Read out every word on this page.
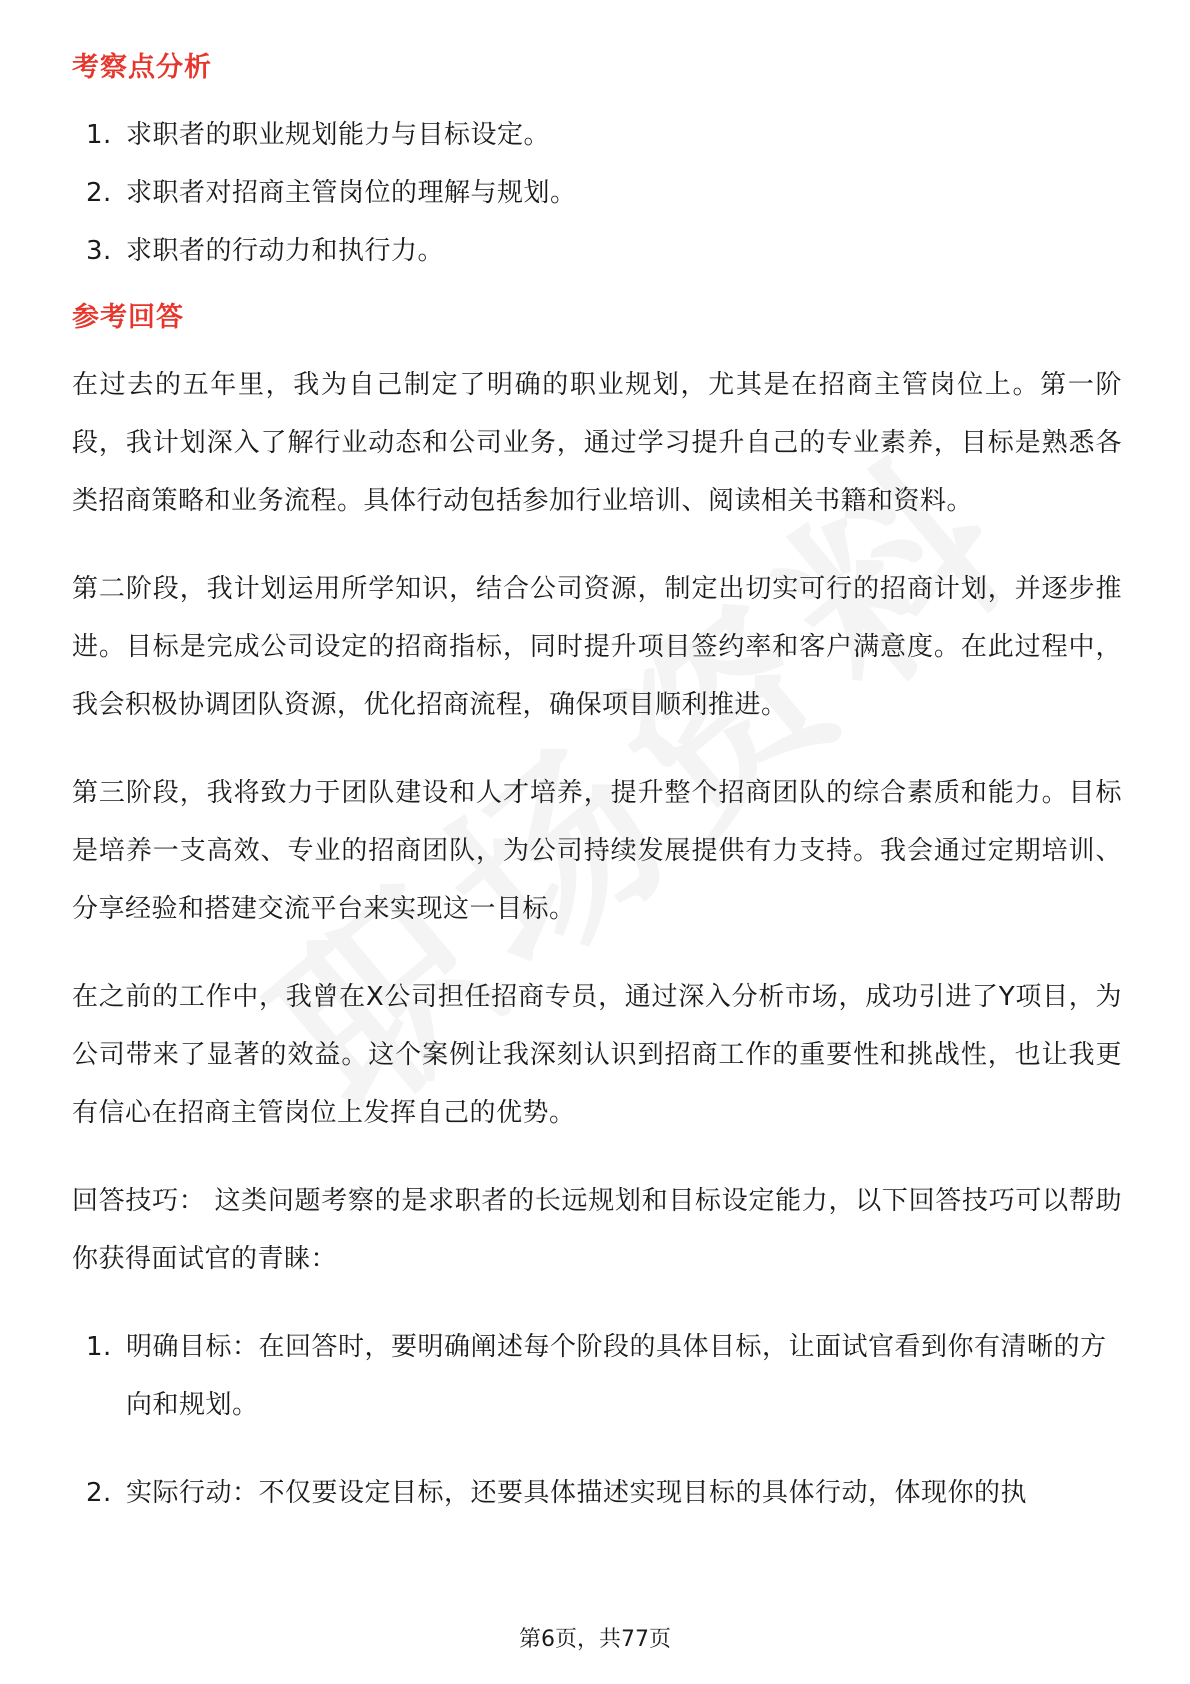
考察点分析
1. 求职者的职业规划能力与目标设定。
2. 求职者对招商主管岗位的理解与规划。
3. 求职者的行动力和执行力。
参考回答

在过去的五年里，我为自己制定了明确的职业规划，尤其是在招商主管岗位上。第一阶段，我计划深入了解行业动态和公司业务，通过学习提升自己的专业素养，目标是熟悉各类招商策略和业务流程。具体行动包括参加行业培训、阅读相关书籍和资料。

第二阶段，我计划运用所学知识，结合公司资源，制定出切实可行的招商计划，并逐步推进。目标是完成公司设定的招商指标，同时提升项目签约率和客户满意度。在此过程中，我会积极协调团队资源，优化招商流程，确保项目顺利推进。

第三阶段，我将致力于团队建设和人才培养，提升整个招商团队的综合素质和能力。目标是培养一支高效、专业的招商团队，为公司持续发展提供有力支持。我会通过定期培训、分享经验和搭建交流平台来实现这一目标。

在之前的工作中，我曾在X公司担任招商专员，通过深入分析市场，成功引进了Y项目，为公司带来了显著的效益。这个案例让我深刻认识到招商工作的重要性和挑战性，也让我更有信心在招商主管岗位上发挥自己的优势。

回答技巧： 这类问题考察的是求职者的长远规划和目标设定能力，以下回答技巧可以帮助你获得面试官的青睐：

1. 明确目标：在回答时，要明确阐述每个阶段的具体目标，让面试官看到你有清晰的方向和规划。
2. 实际行动：不仅要设定目标，还要具体描述实现目标的具体行动，体现你的执
第6页，共77页
